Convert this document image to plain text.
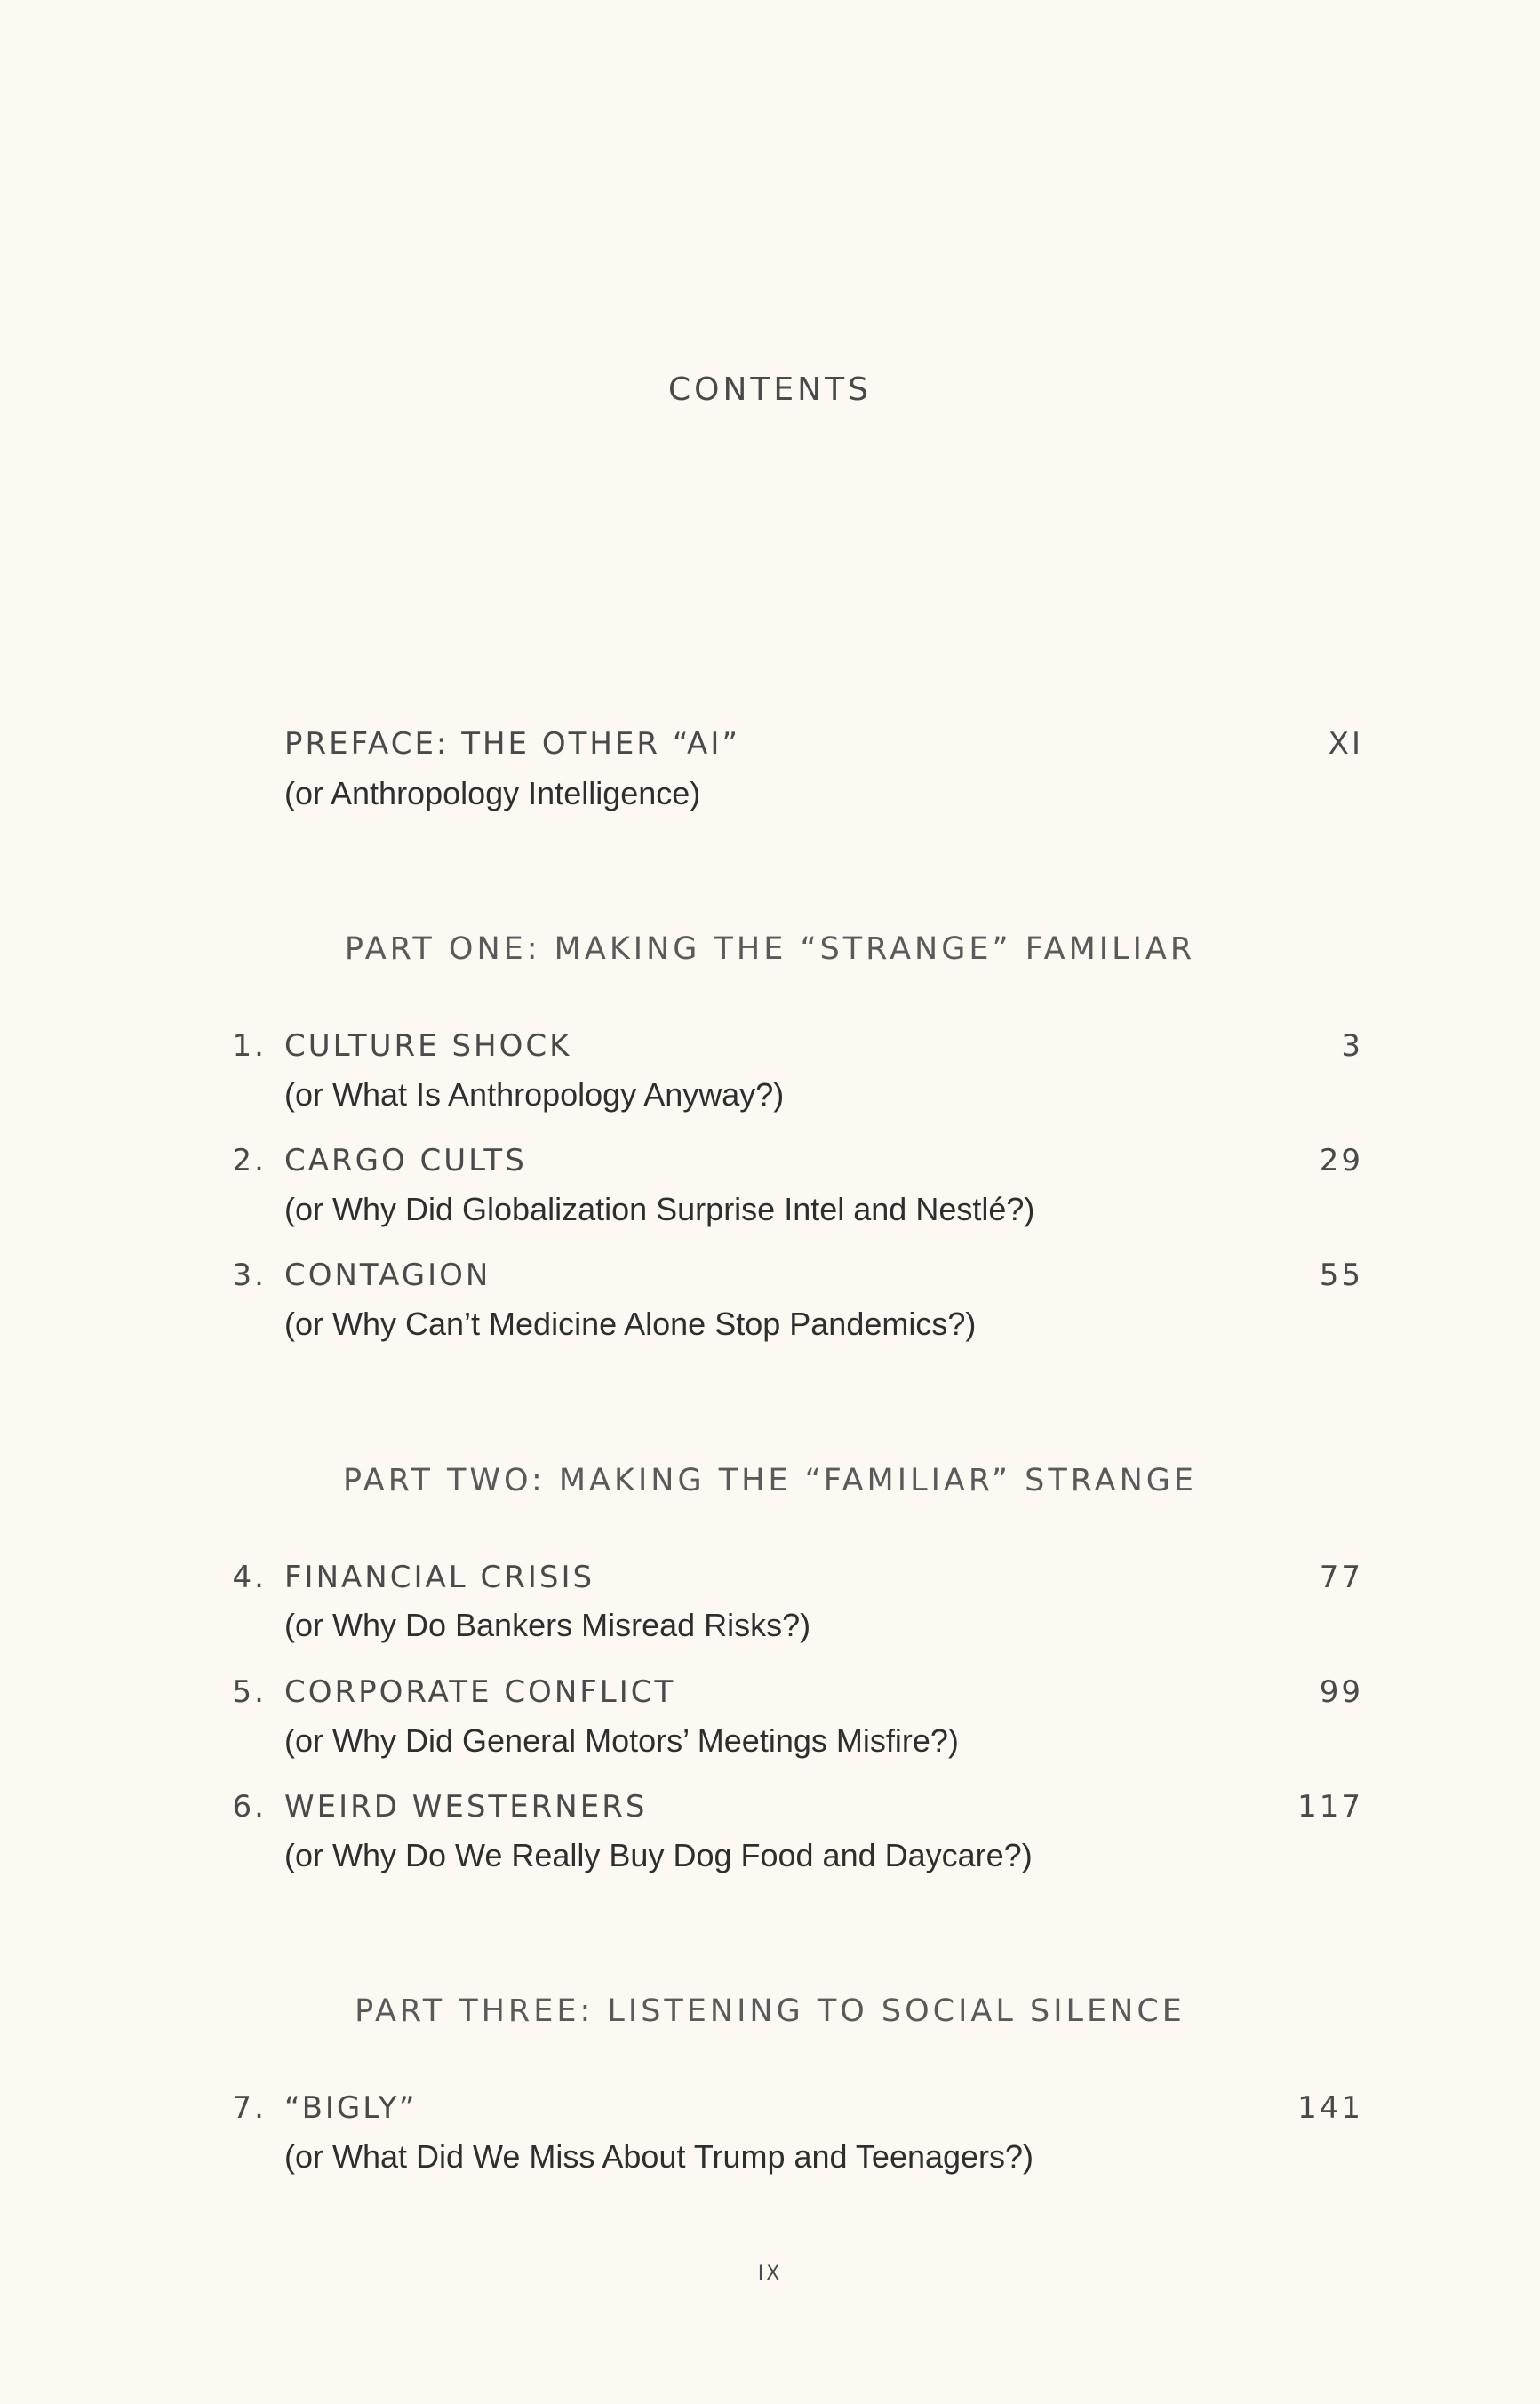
CONTENTS
PREFACE: THE OTHER “AI”
(or Anthropology Intelligence)
XI
PART ONE: MAKING THE “STRANGE” FAMILIAR
1. CULTURE SHOCK
(or What Is Anthropology Anyway?)
3
2. CARGO CULTS
(or Why Did Globalization Surprise Intel and Nestlé?)
29
3. CONTAGION
(or Why Can’t Medicine Alone Stop Pandemics?)
55
PART TWO: MAKING THE “FAMILIAR” STRANGE
4. FINANCIAL CRISIS
(or Why Do Bankers Misread Risks?)
77
5. CORPORATE CONFLICT
(or Why Did General Motors’ Meetings Misfire?)
99
6. WEIRD WESTERNERS
(or Why Do We Really Buy Dog Food and Daycare?)
117
PART THREE: LISTENING TO SOCIAL SILENCE
7. “BIGLY”
(or What Did We Miss About Trump and Teenagers?)
141
IX
